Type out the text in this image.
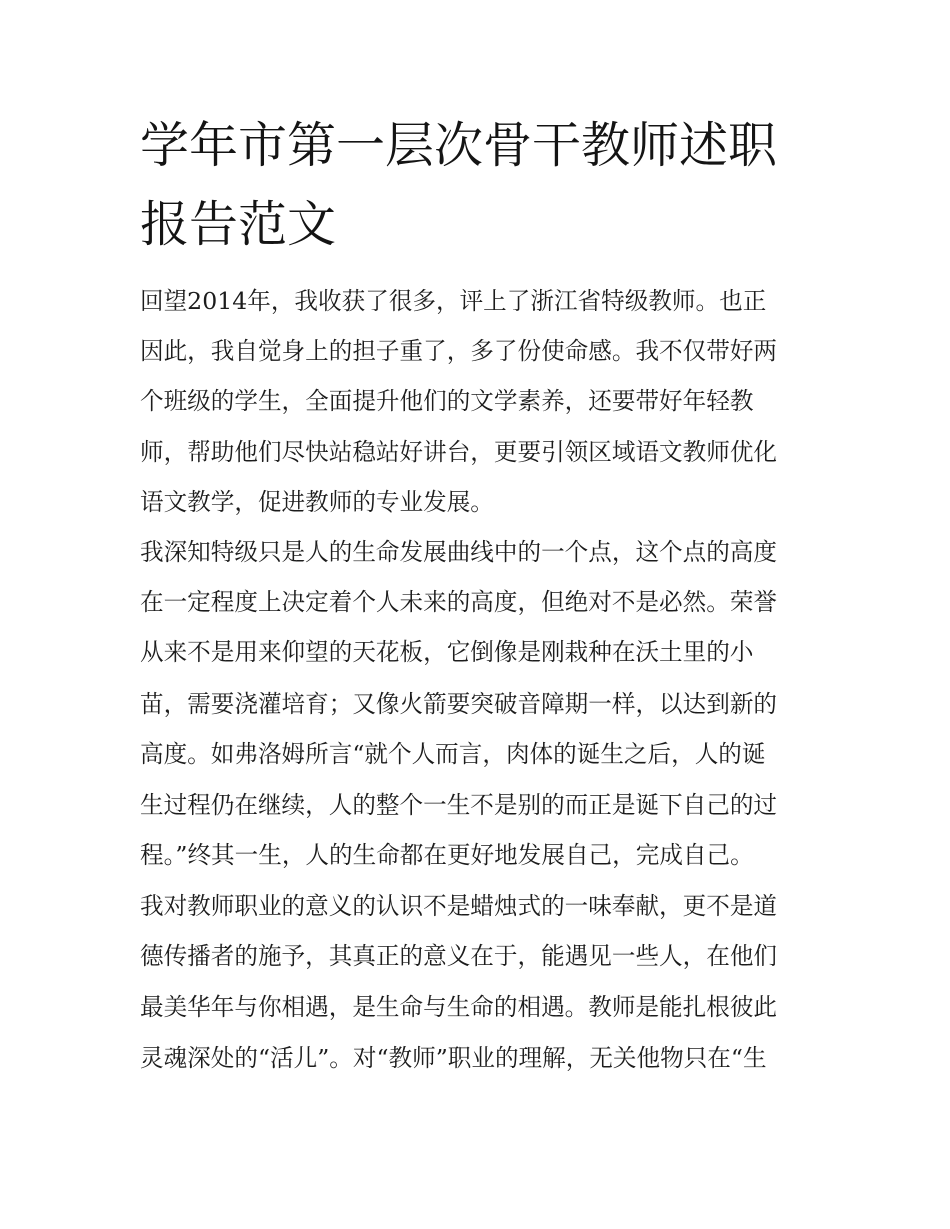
学年市第一层次骨干教师述职
报告范文

回望2014年，我收获了很多，评上了浙江省特级教师。也正

因此，我自觉身上的担子重了，多了份使命感。我不仅带好两

个班级的学生，全面提升他们的文学素养，还要带好年轻教

师，帮助他们尽快站稳站好讲台，更要引领区域语文教师优化

语文教学，促进教师的专业发展。

我深知特级只是人的生命发展曲线中的一个点，这个点的高度

在一定程度上决定着个人未来的高度，但绝对不是必然。荣誉

从来不是用来仰望的天花板，它倒像是刚栽种在沃土里的小

苗，需要浇灌培育；又像火箭要突破音障期一样，以达到新的

高度。如弗洛姆所言“就个人而言，肉体的诞生之后，人的诞

生过程仍在继续，人的整个一生不是别的而正是诞下自己的过

程。”终其一生，人的生命都在更好地发展自己，完成自己。

我对教师职业的意义的认识不是蜡烛式的一味奉献，更不是道

德传播者的施予，其真正的意义在于，能遇见一些人，在他们

最美华年与你相遇，是生命与生命的相遇。教师是能扎根彼此

灵魂深处的“活儿”。对“教师”职业的理解，无关他物只在“生
